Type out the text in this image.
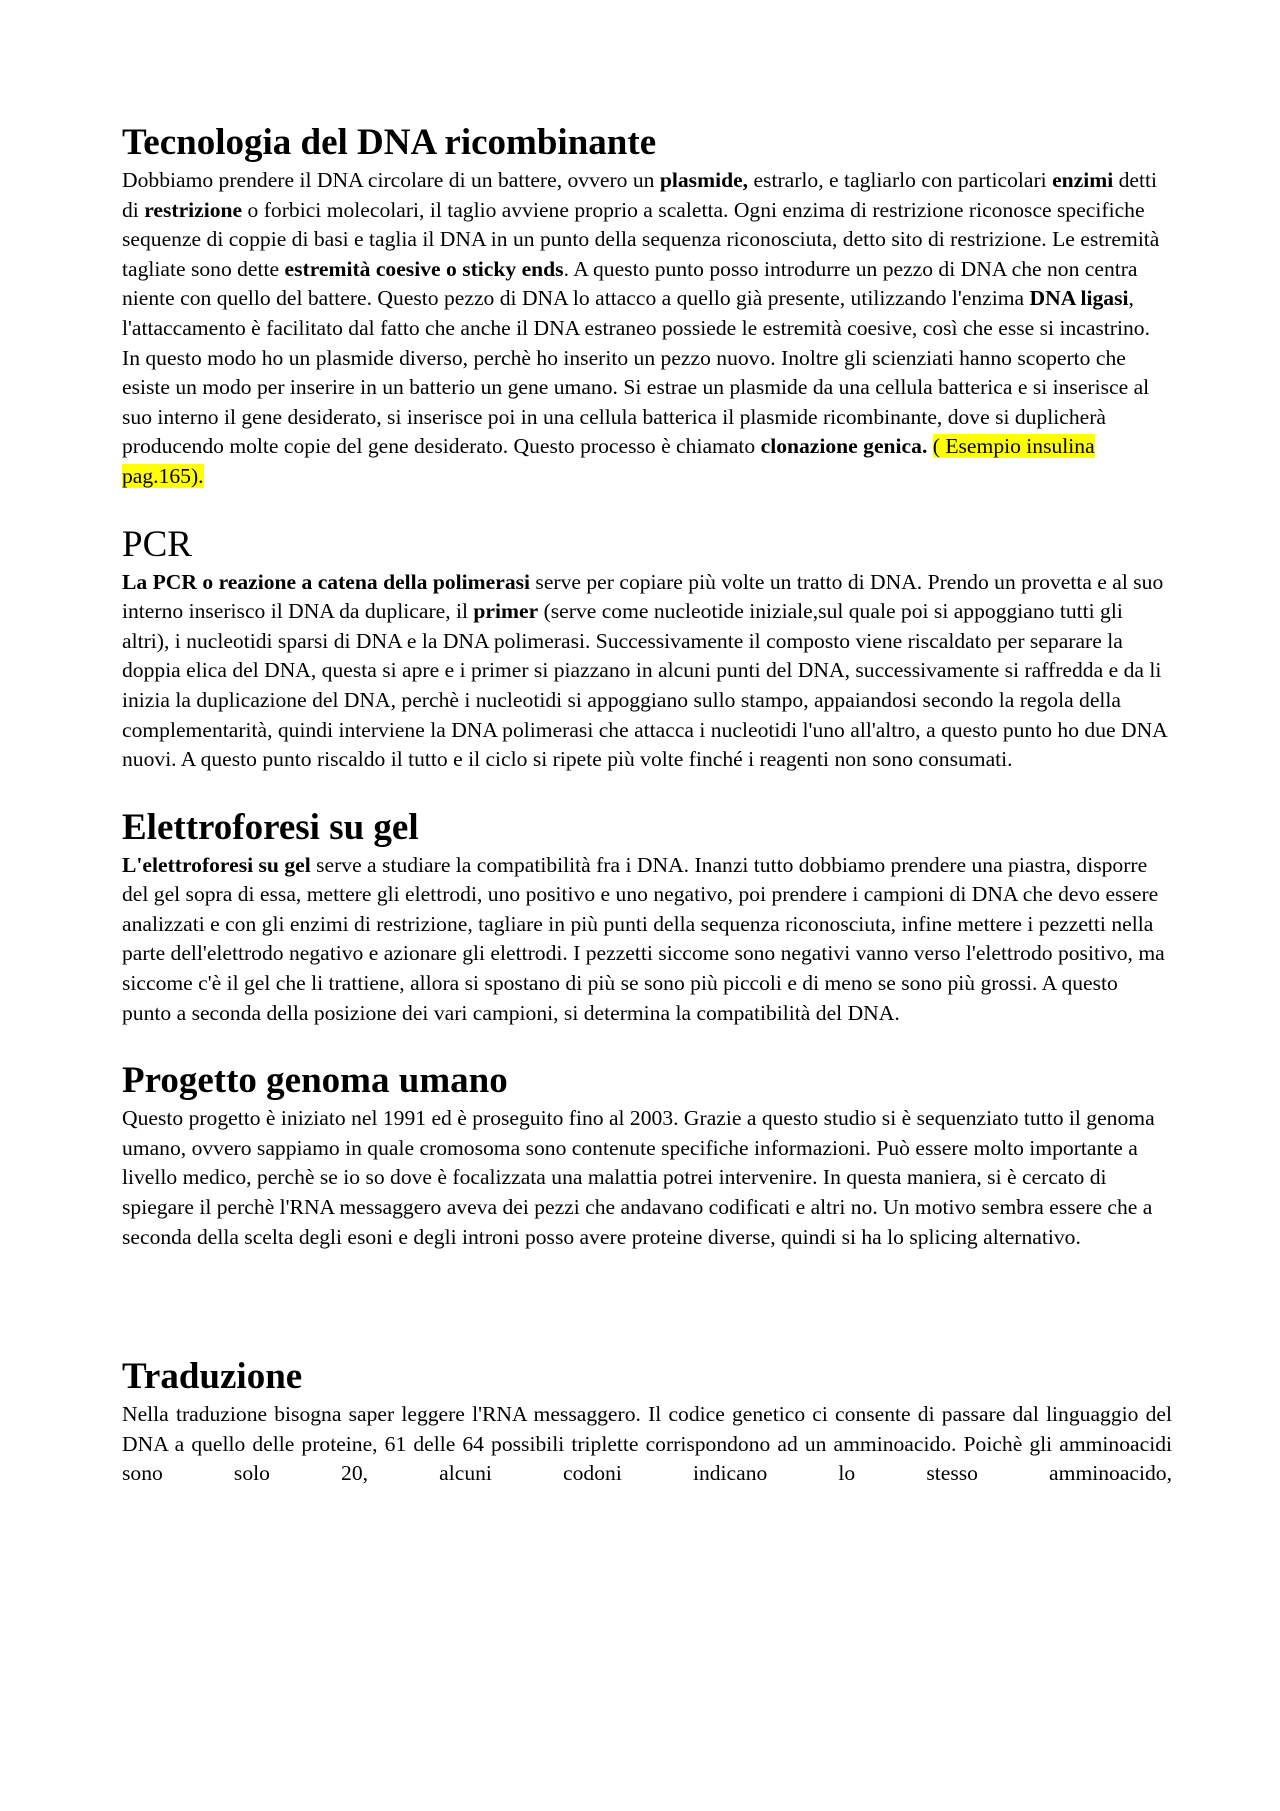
Tecnologia del DNA ricombinante

Dobbiamo prendere il DNA circolare di un battere, ovvero un plasmide, estrarlo, e tagliarlo con particolari enzimi detti di restrizione o forbici molecolari, il taglio avviene proprio a scaletta. Ogni enzima di restrizione riconosce specifiche sequenze di coppie di basi e taglia il DNA in un punto della sequenza riconosciuta, detto sito di restrizione. Le estremità tagliate sono dette estremità coesive o sticky ends. A questo punto posso introdurre un pezzo di DNA che non centra niente con quello del battere. Questo pezzo di DNA lo attacco a quello già presente, utilizzando l'enzima DNA ligasi, l'attaccamento è facilitato dal fatto che anche il DNA estraneo possiede le estremità coesive, così che esse si incastrino. In questo modo ho un plasmide diverso, perchè ho inserito un pezzo nuovo. Inoltre gli scienziati hanno scoperto che esiste un modo per inserire in un batterio un gene umano. Si estrae un plasmide da una cellula batterica e si inserisce al suo interno il gene desiderato, si inserisce poi in una cellula batterica il plasmide ricombinante, dove si duplicherà producendo molte copie del gene desiderato. Questo processo è chiamato clonazione genica. ( Esempio insulina pag.165).

PCR

La PCR o reazione a catena della polimerasi serve per copiare più volte un tratto di DNA. Prendo un provetta e al suo interno inserisco il DNA da duplicare, il primer (serve come nucleotide iniziale,sul quale poi si appoggiano tutti gli altri), i nucleotidi sparsi di DNA e la DNA polimerasi. Successivamente il composto viene riscaldato per separare la doppia elica del DNA, questa si apre e i primer si piazzano in alcuni punti del DNA, successivamente si raffredda e da li inizia la duplicazione del DNA, perchè i nucleotidi si appoggiano sullo stampo, appaiandosi secondo la regola della complementarità, quindi interviene la DNA polimerasi che attacca i nucleotidi l'uno all'altro, a questo punto ho due DNA nuovi. A questo punto riscaldo il tutto e il ciclo si ripete più volte finché i reagenti non sono consumati.

Elettroforesi su gel

L'elettroforesi su gel serve a studiare la compatibilità fra i DNA. Inanzi tutto dobbiamo prendere una piastra, disporre del gel sopra di essa, mettere gli elettrodi, uno positivo e uno negativo, poi prendere i campioni di DNA che devo essere analizzati e con gli enzimi di restrizione, tagliare in più punti della sequenza riconosciuta, infine mettere i pezzetti nella parte dell'elettrodo negativo e azionare gli elettrodi. I pezzetti siccome sono negativi vanno verso l'elettrodo positivo, ma siccome c'è il gel che li trattiene, allora si spostano di più se sono più piccoli e di meno se sono più grossi. A questo punto a seconda della posizione dei vari campioni, si determina la compatibilità del DNA.

Progetto genoma umano

Questo progetto è iniziato nel 1991 ed è proseguito fino al 2003. Grazie a questo studio si è sequenziato tutto il genoma umano, ovvero sappiamo in quale cromosoma sono contenute specifiche informazioni. Può essere molto importante a livello medico, perchè se io so dove è focalizzata una malattia potrei intervenire. In questa maniera, si è cercato di spiegare il perchè l'RNA messaggero aveva dei pezzi che andavano codificati e altri no. Un motivo sembra essere che a seconda della scelta degli esoni e degli introni posso avere proteine diverse, quindi si ha lo splicing alternativo.

Traduzione

Nella traduzione bisogna saper leggere l'RNA messaggero. Il codice genetico ci consente di passare dal linguaggio del DNA a quello delle proteine, 61 delle 64 possibili triplette corrispondono ad un amminoacido. Poichè gli amminoacidi sono solo 20, alcuni codoni indicano lo stesso amminoacido,
